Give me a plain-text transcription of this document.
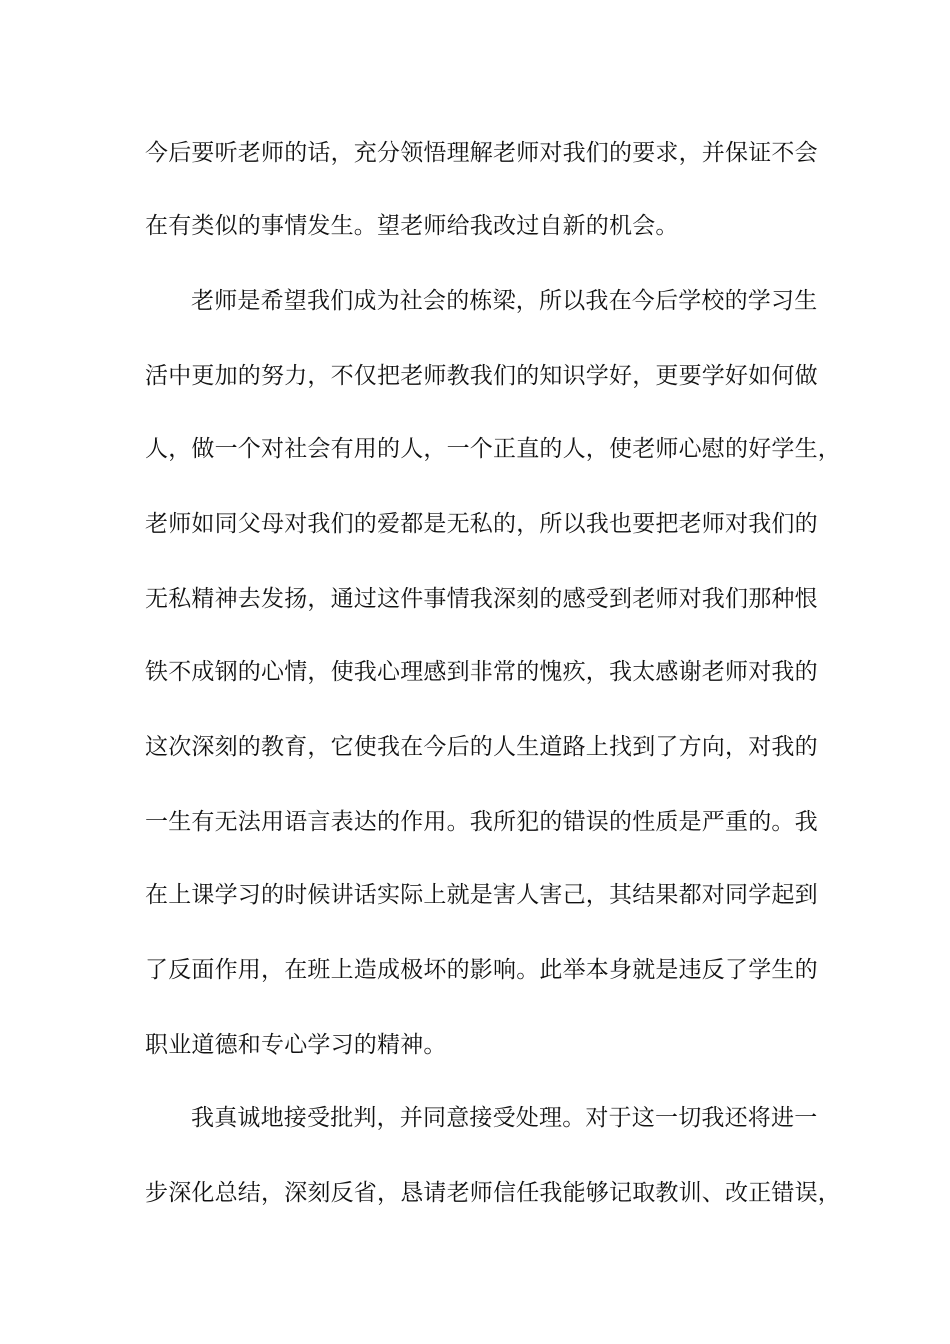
今后要听老师的话，充分领悟理解老师对我们的要求，并保证不会
在有类似的事情发生。望老师给我改过自新的机会。
老师是希望我们成为社会的栋梁，所以我在今后学校的学习生
活中更加的努力，不仅把老师教我们的知识学好，更要学好如何做
人，做一个对社会有用的人，一个正直的人，使老师心慰的好学生，
老师如同父母对我们的爱都是无私的，所以我也要把老师对我们的
无私精神去发扬，通过这件事情我深刻的感受到老师对我们那种恨
铁不成钢的心情，使我心理感到非常的愧疚，我太感谢老师对我的
这次深刻的教育，它使我在今后的人生道路上找到了方向，对我的
一生有无法用语言表达的作用。我所犯的错误的性质是严重的。我
在上课学习的时候讲话实际上就是害人害己，其结果都对同学起到
了反面作用，在班上造成极坏的影响。此举本身就是违反了学生的
职业道德和专心学习的精神。
我真诚地接受批判，并同意接受处理。对于这一切我还将进一
步深化总结，深刻反省，恳请老师信任我能够记取教训、改正错误，
